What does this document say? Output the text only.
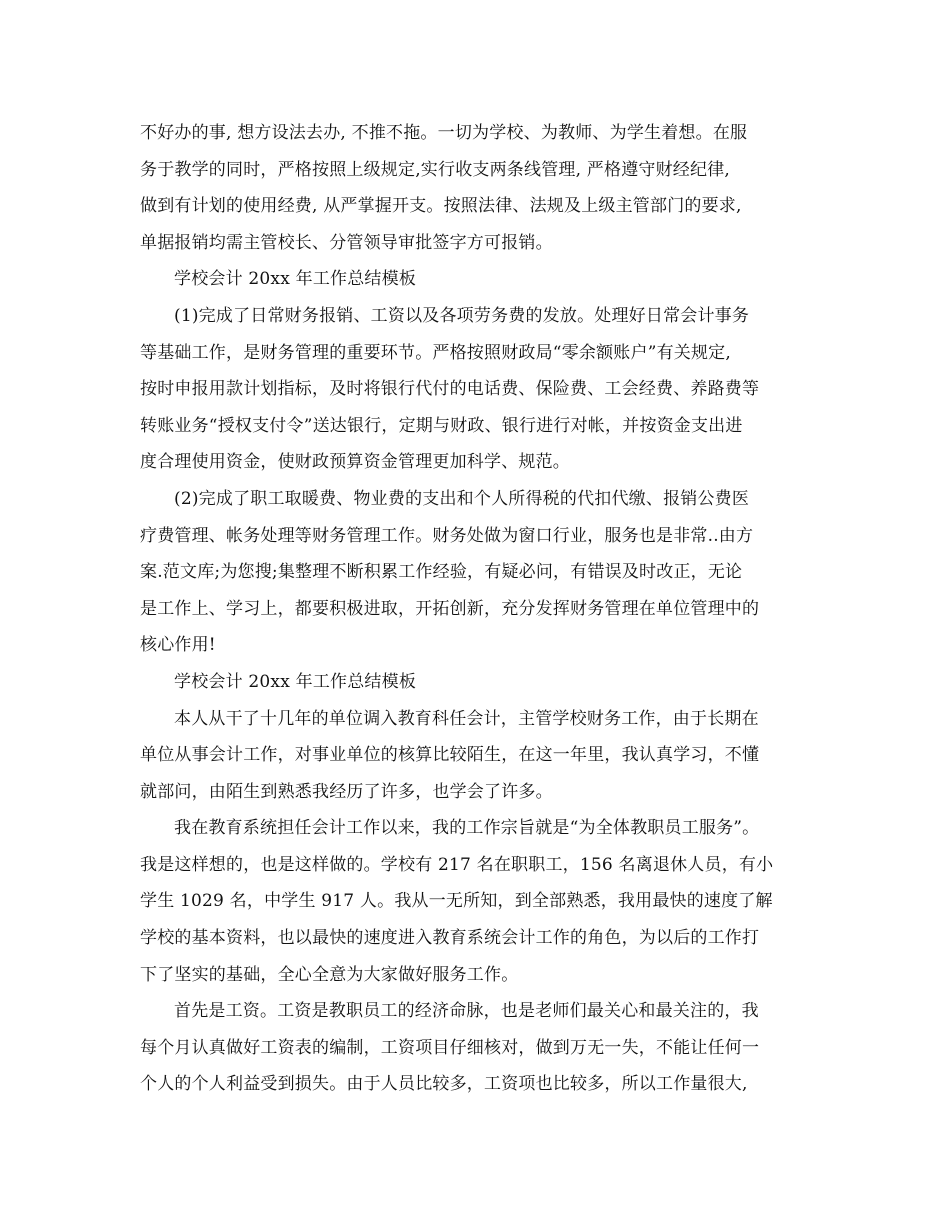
不好办的事, 想方设法去办, 不推不拖。一切为学校、为教师、为学生着想。在服
务于教学的同时，严格按照上级规定,实行收支两条线管理, 严格遵守财经纪律,
做到有计划的使用经费, 从严掌握开支。按照法律、法规及上级主管部门的要求,
单据报销均需主管校长、分管领导审批签字方可报销。
学校会计 20xx 年工作总结模板
(1)完成了日常财务报销、工资以及各项劳务费的发放。处理好日常会计事务
等基础工作，是财务管理的重要环节。严格按照财政局“零余额账户”有关规定,
按时申报用款计划指标，及时将银行代付的电话费、保险费、工会经费、养路费等
转账业务“授权支付令”送达银行，定期与财政、银行进行对帐，并按资金支出进
度合理使用资金，使财政预算资金管理更加科学、规范。
(2)完成了职工取暖费、物业费的支出和个人所得税的代扣代缴、报销公费医
疗费管理、帐务处理等财务管理工作。财务处做为窗口行业，服务也是非常..由方
案.范文库;为您搜;集整理不断积累工作经验，有疑必问，有错误及时改正，无论
是工作上、学习上，都要积极进取，开拓创新，充分发挥财务管理在单位管理中的
核心作用!
学校会计 20xx 年工作总结模板
本人从干了十几年的单位调入教育科任会计，主管学校财务工作，由于长期在
单位从事会计工作，对事业单位的核算比较陌生，在这一年里，我认真学习，不懂
就部问，由陌生到熟悉我经历了许多，也学会了许多。
我在教育系统担任会计工作以来，我的工作宗旨就是“为全体教职员工服务”。
我是这样想的，也是这样做的。学校有 217 名在职职工，156 名离退休人员，有小
学生 1029 名，中学生 917 人。我从一无所知，到全部熟悉，我用最快的速度了解
学校的基本资料，也以最快的速度进入教育系统会计工作的角色，为以后的工作打
下了坚实的基础，全心全意为大家做好服务工作。
首先是工资。工资是教职员工的经济命脉，也是老师们最关心和最关注的，我
每个月认真做好工资表的编制，工资项目仔细核对，做到万无一失，不能让任何一
个人的个人利益受到损失。由于人员比较多，工资项也比较多，所以工作量很大,
